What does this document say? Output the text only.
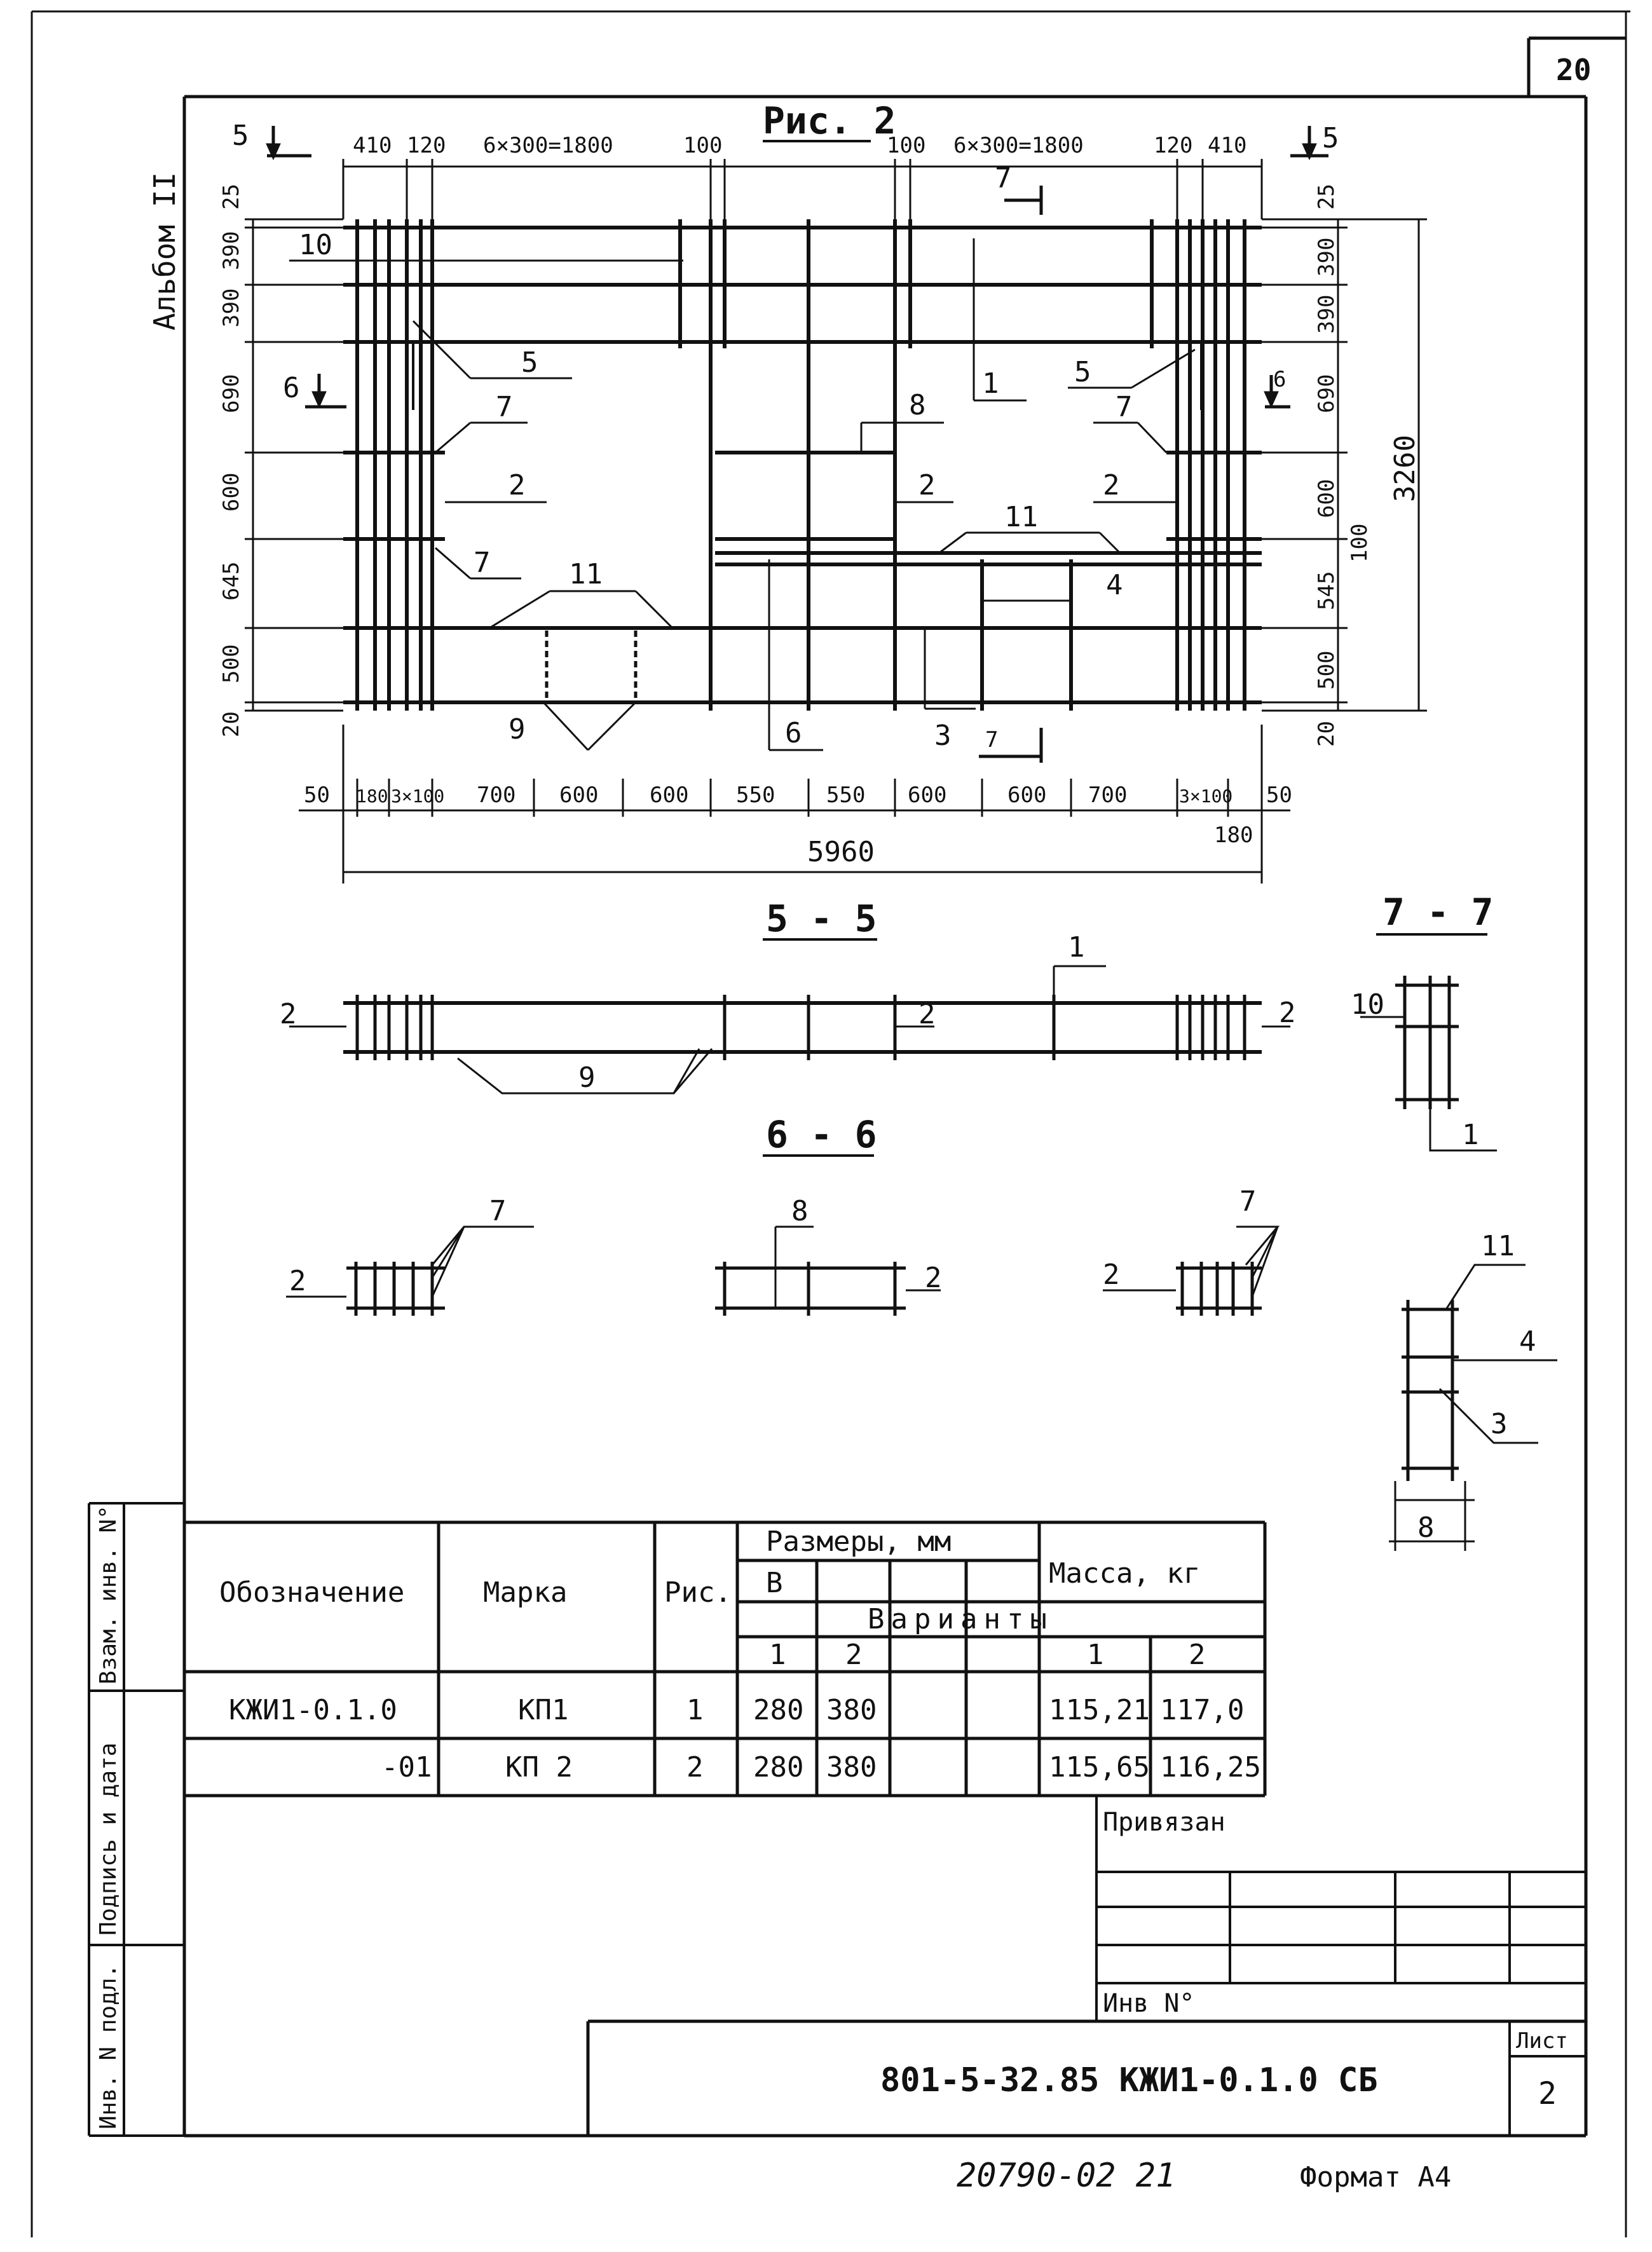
20
Альбом II
Рис. 2
410 120 6×300=1800	100	100 6×300=1800	120 410
5	5
6	6
7
7
25
390
390
690
600
645
500
20
25
390
390
690
600
545
500
20
100
3260
50 180 3×100 700 600 600 550 550 600	600 700	3×100 50
180
5960
10
5
7
2
7	11
9	6	3
8
2
1	5
7
11
2
4
5 - 5
2
9
2
1
2
6 - 6
2
7	8
2	2
7
7 - 7
10
1
11
4
3
8
Обозначение	Марка	Рис.
Размеры, мм
B	Масса, кг
Варианты
1 2	1	2
КЖИ1-0.1.0	КП1	1 280 380	115,21 117,0
-01	КП 2	2 280 380	115,65 116,25
Взам. инв. N°
Подпись и дата
Инв. N подл.
Привязан
Инв N°
Лист
2
801-5-32.85 КЖИ1-0.1.0 СБ
20790-02 21	Формат А4
